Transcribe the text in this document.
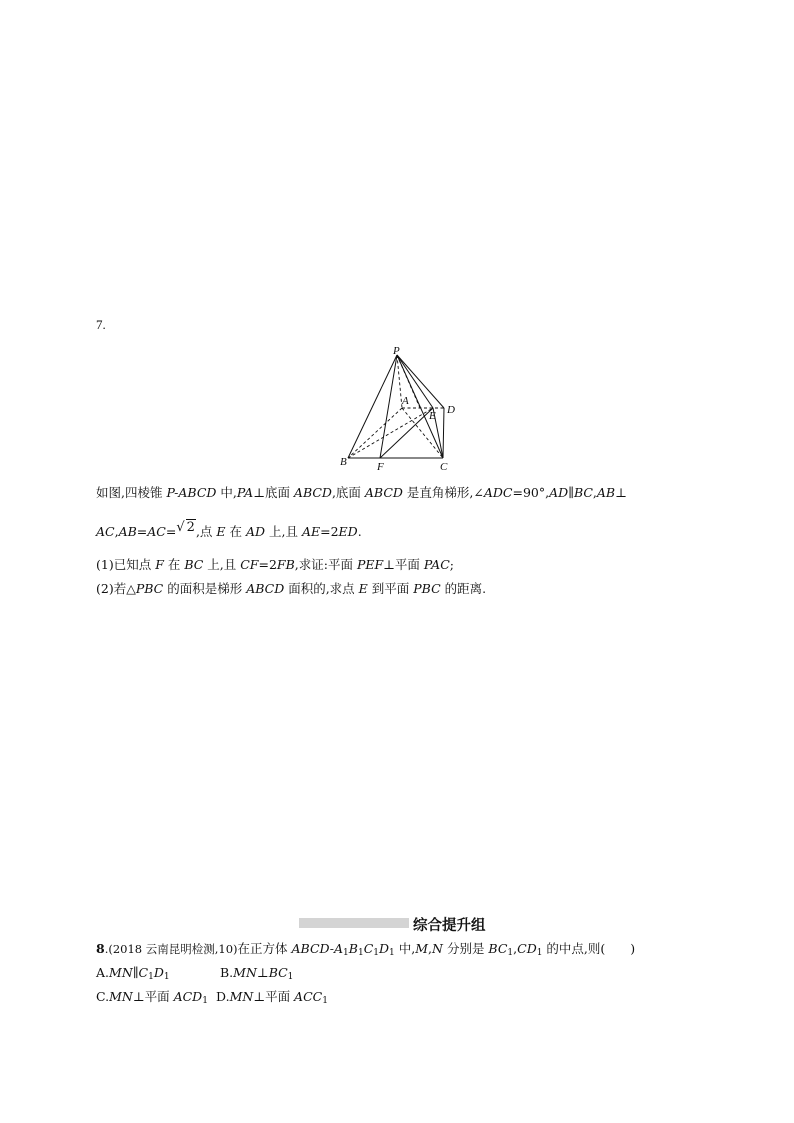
7.
P
A
D
E
B	F	C
如图,四棱锥 P-ABCD 中,PA⊥底面 ABCD,底面 ABCD 是直角梯形,∠ADC=90°,AD∥BC,AB⊥
AC,AB=AC=√ 2,点 E 在 AD 上,且 AE=2ED.
(1)已知点 F 在 BC 上,且 CF=2FB,求证:平面 PEF⊥平面 PAC;
(2)若△PBC 的面积是梯形 ABCD 面积的,求点 E 到平面 PBC 的距离.
综合提升组
8.(2018 云南昆明检测,10)在正方体 ABCD-$A_1B_1C_1D_1$ 中,M,N 分别是 $BC_1,CD_1$ 的中点,则(　　)
$A.MN\parallel C_1D_1$	$B.MN\perp BC_1$
C.MN⊥平面 $ACD_1$ D.MN⊥平面 $ACC_1$
